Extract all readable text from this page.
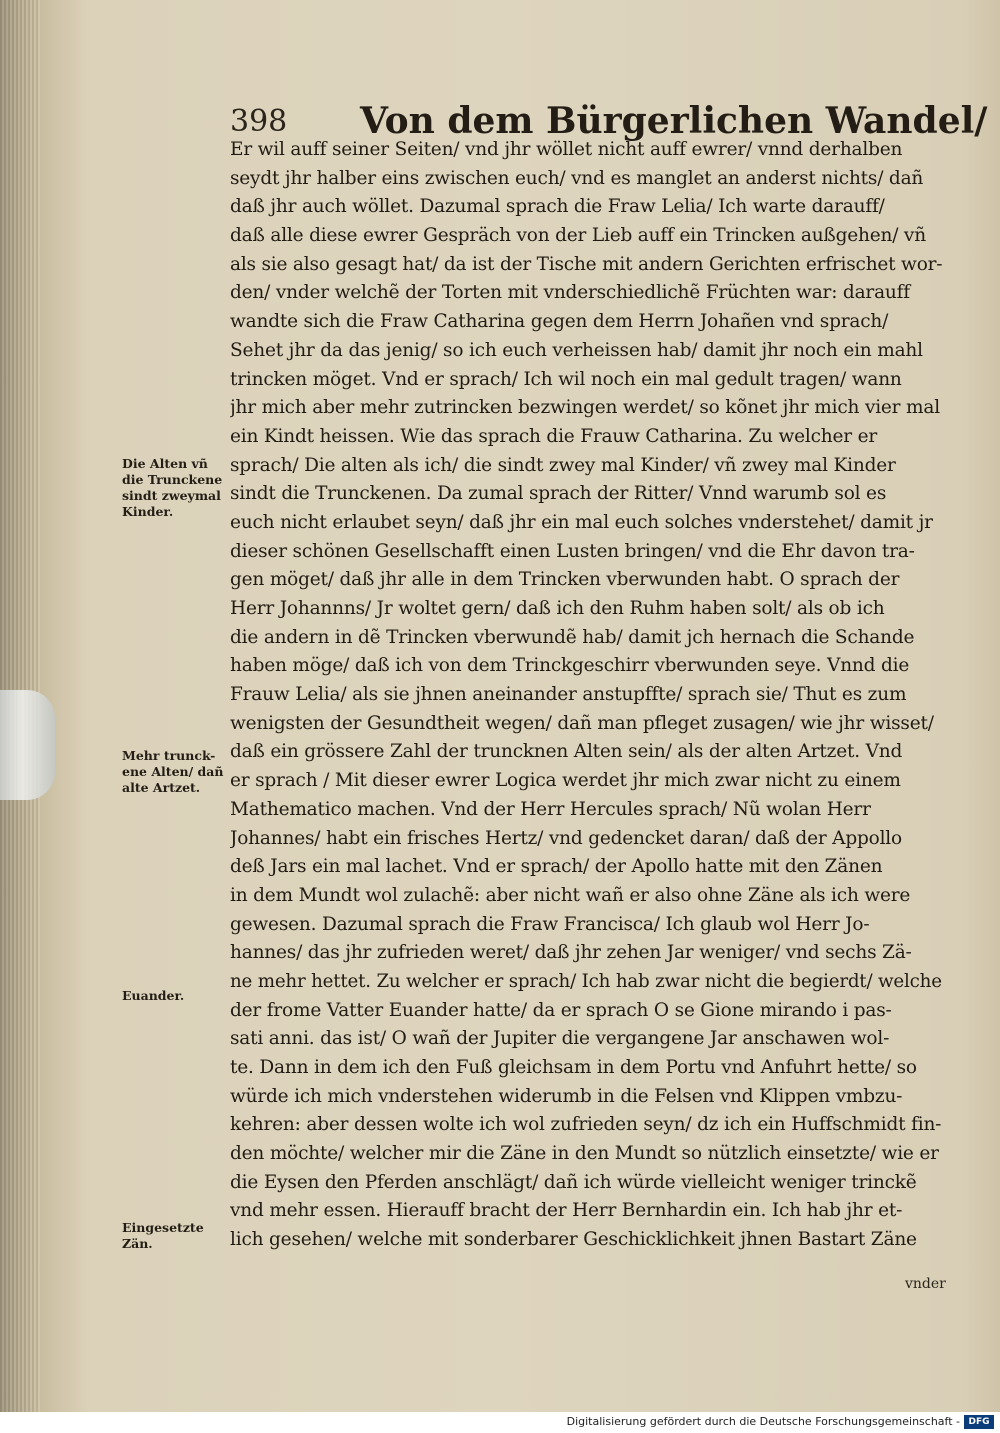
398 Von dem Bürgerlichen Wandel/
Er wil auff seiner Seiten/ vnd jhr wöllet nicht auff ewrer/ vnnd derhalben
seydt jhr halber eins zwischen euch/ vnd es manglet an anderst nichts/ dañ
daß jhr auch wöllet. Dazumal sprach die Fraw Lelia/ Ich warte darauff/
daß alle diese ewrer Gespräch von der Lieb auff ein Trincken außgehen/ vñ
als sie also gesagt hat/ da ist der Tische mit andern Gerichten erfrischet wor-
den/ vnder welchẽ der Torten mit vnderschiedlichẽ Früchten war: darauff
wandte sich die Fraw Catharina gegen dem Herrn Johañen vnd sprach/
Sehet jhr da das jenig/ so ich euch verheissen hab/ damit jhr noch ein mahl
trincken möget. Vnd er sprach/ Ich wil noch ein mal gedult tragen/ wann
jhr mich aber mehr zutrincken bezwingen werdet/ so kõnet jhr mich vier mal
ein Kindt heissen. Wie das sprach die Frauw Catharina. Zu welcher er
sprach/ Die alten als ich/ die sindt zwey mal Kinder/ vñ zwey mal Kinder
sindt die Trunckenen. Da zumal sprach der Ritter/ Vnnd warumb sol es
euch nicht erlaubet seyn/ daß jhr ein mal euch solches vnderstehet/ damit jr
dieser schönen Gesellschafft einen Lusten bringen/ vnd die Ehr davon tra-
gen möget/ daß jhr alle in dem Trincken vberwunden habt. O sprach der
Herr Johannns/ Jr woltet gern/ daß ich den Ruhm haben solt/ als ob ich
die andern in dẽ Trincken vberwundẽ hab/ damit jch hernach die Schande
haben möge/ daß ich von dem Trinckgeschirr vberwunden seye. Vnnd die
Frauw Lelia/ als sie jhnen aneinander anstupffte/ sprach sie/ Thut es zum
wenigsten der Gesundtheit wegen/ dañ man pfleget zusagen/ wie jhr wisset/
daß ein grössere Zahl der truncknen Alten sein/ als der alten Artzet. Vnd
er sprach / Mit dieser ewrer Logica werdet jhr mich zwar nicht zu einem
Mathematico machen. Vnd der Herr Hercules sprach/ Nũ wolan Herr
Johannes/ habt ein frisches Hertz/ vnd gedencket daran/ daß der Appollo
deß Jars ein mal lachet. Vnd er sprach/ der Apollo hatte mit den Zänen
in dem Mundt wol zulachẽ: aber nicht wañ er also ohne Zäne als ich were
gewesen. Dazumal sprach die Fraw Francisca/ Ich glaub wol Herr Jo-
hannes/ das jhr zufrieden weret/ daß jhr zehen Jar weniger/ vnd sechs Zä-
ne mehr hettet. Zu welcher er sprach/ Ich hab zwar nicht die begierdt/ welche
der frome Vatter Euander hatte/ da er sprach O se Gione mirando i pas-
sati anni. das ist/ O wañ der Jupiter die vergangene Jar anschawen wol-
te. Dann in dem ich den Fuß gleichsam in dem Portu vnd Anfuhrt hette/ so
würde ich mich vnderstehen widerumb in die Felsen vnd Klippen vmbzu-
kehren: aber dessen wolte ich wol zufrieden seyn/ dz ich ein Huffschmidt fin-
den möchte/ welcher mir die Zäne in den Mundt so nützlich einsetzte/ wie er
die Eysen den Pferden anschlägt/ dañ ich würde vielleicht weniger trinckẽ
vnd mehr essen. Hierauff bracht der Herr Bernhardin ein. Ich hab jhr et-
lich gesehen/ welche mit sonderbarer Geschicklichkeit jhnen Bastart Zäne
Die Alten vñ
die Trunckene
sindt zweymal
Kinder.
Mehr trunck-
ene Alten/ dañ
alte Artzet.
Euander.
Eingesetzte
Zän.
vnder
Digitalisierung gefördert durch die Deutsche Forschungsgemeinschaft - DFG
